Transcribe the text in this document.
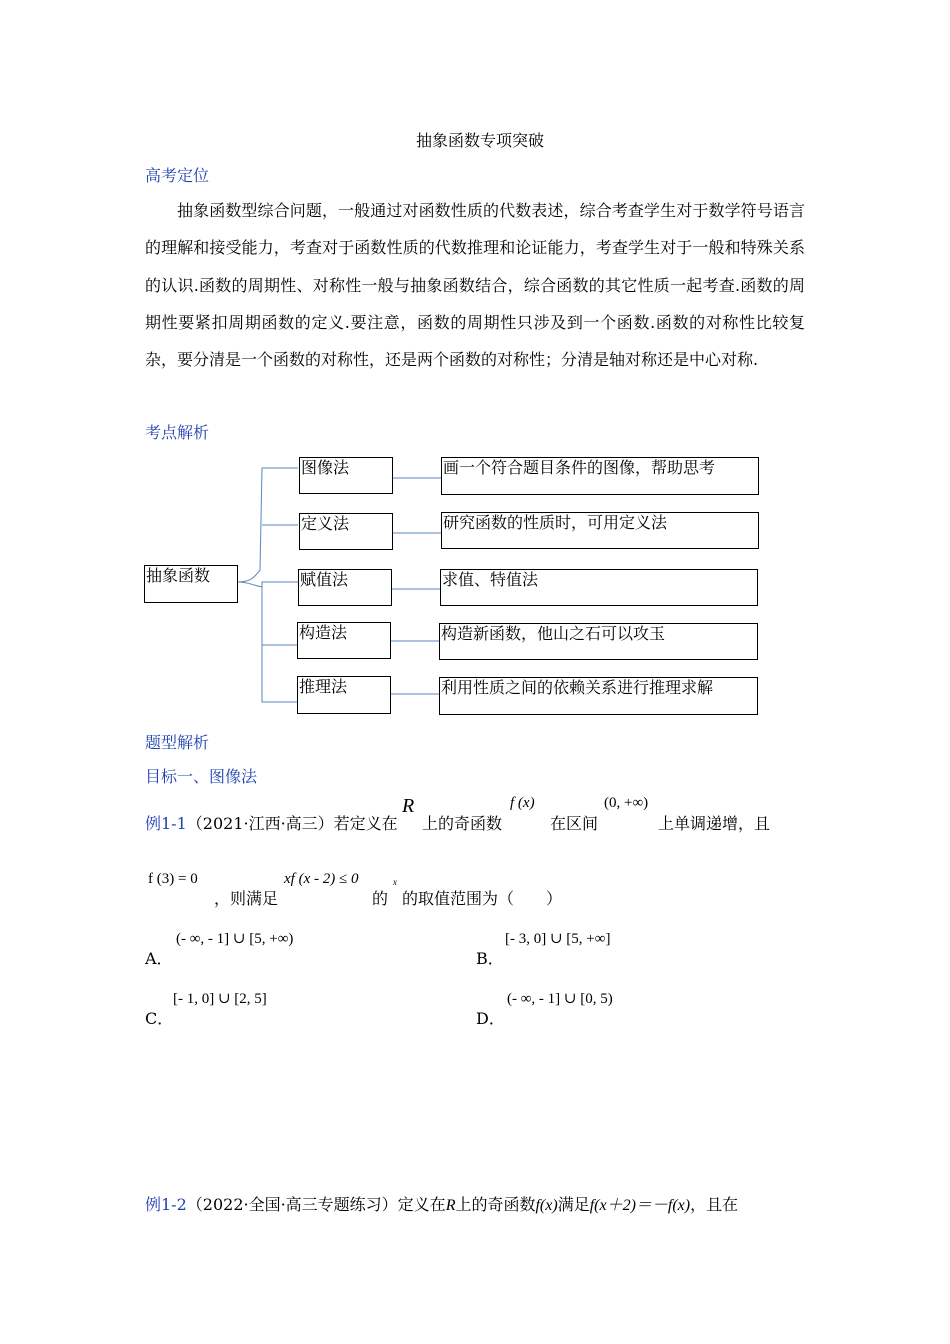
抽象函数专项突破
高考定位
抽象函数型综合问题，一般通过对函数性质的代数表述，综合考查学生对于数学符号语言的理解和接受能力，考查对于函数性质的代数推理和论证能力，考查学生对于一般和特殊关系的认识.函数的周期性、对称性一般与抽象函数结合，综合函数的其它性质一起考查.函数的周期性要紧扣周期函数的定义.要注意，函数的周期性只涉及到一个函数.函数的对称性比较复杂，要分清是一个函数的对称性，还是两个函数的对称性；分清是轴对称还是中心对称.
考点解析
抽象函数
图像法	画一个符合题目条件的图像，帮助思考
定义法	研究函数的性质时，可用定义法
赋值法	求值、特值法
构造法	构造新函数，他山之石可以攻玉
推理法	利用性质之间的依赖关系进行推理求解
题型解析
目标一、图像法
例1-1（2021·江西·高三）若定义在
R
上的奇函数
f (x)
在区间
(0, +∞)
上单调递增，且
f (3) = 0
，则满足
xf (x - 2) ≤ 0
的
x
的取值范围为（　　）
A．
(- ∞, - 1] ∪ [5, +∞)
B．
[- 3, 0] ∪ [5, +∞]
C．
[- 1, 0] ∪ [2, 5]
D．
(- ∞, - 1] ∪ [0, 5)
例1-2（2022·全国·高三专题练习）定义在R上的奇函数f(x)满足f(x＋2)＝－f(x)，且在
